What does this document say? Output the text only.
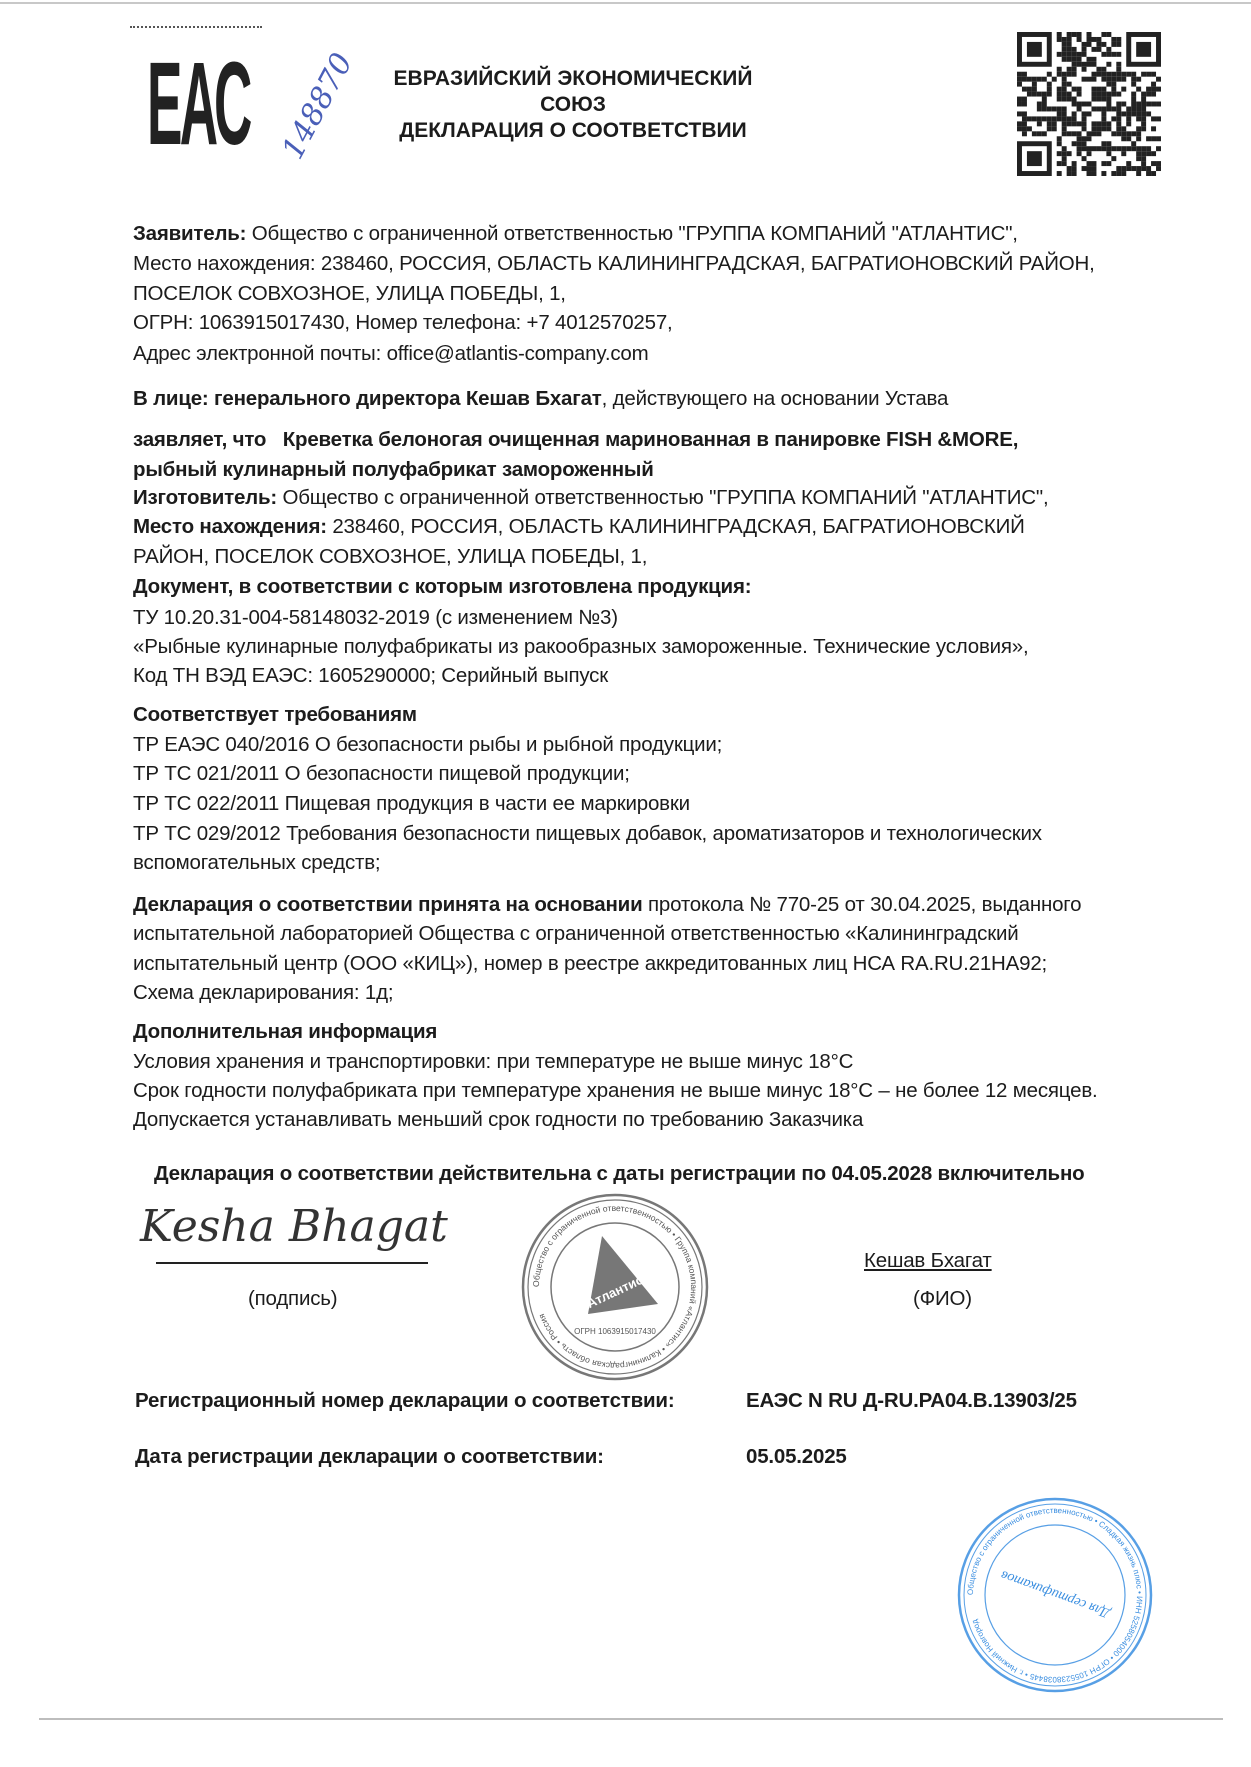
ЕАС 148870	ЕВРАЗИЙСКИЙ ЭКОНОМИЧЕСКИЙ
СОЮЗ
ДЕКЛАРАЦИЯ О СООТВЕТСТВИИ
Заявитель: Общество с ограниченной ответственностью "ГРУППА КОМПАНИЙ "АТЛАНТИС",
Место нахождения: 238460, РОССИЯ, ОБЛАСТЬ КАЛИНИНГРАДСКАЯ, БАГРАТИОНОВСКИЙ РАЙОН,
ПОСЕЛОК СОВХОЗНОЕ, УЛИЦА ПОБЕДЫ, 1,
ОГРН: 1063915017430, Номер телефона: +7 4012570257,
Адрес электронной почты: office@atlantis-company.com
В лице: генерального директора Кешав Бхагат, действующего на основании Устава
заявляет, что Креветка белоногая очищенная маринованная в панировке FISH &MORE,
рыбный кулинарный полуфабрикат замороженный
Изготовитель: Общество с ограниченной ответственностью "ГРУППА КОМПАНИЙ "АТЛАНТИС",
Место нахождения: 238460, РОССИЯ, ОБЛАСТЬ КАЛИНИНГРАДСКАЯ, БАГРАТИОНОВСКИЙ
РАЙОН, ПОСЕЛОК СОВХОЗНОЕ, УЛИЦА ПОБЕДЫ, 1,
Документ, в соответствии с которым изготовлена продукция:
ТУ 10.20.31-004-58148032-2019 (с изменением №3)
«Рыбные кулинарные полуфабрикаты из ракообразных замороженные. Технические условия»,
Код ТН ВЭД ЕАЭС: 1605290000; Серийный выпуск
Соответствует требованиям
ТР ЕАЭС 040/2016 О безопасности рыбы и рыбной продукции;
ТР ТС 021/2011 О безопасности пищевой продукции;
ТР ТС 022/2011 Пищевая продукция в части ее маркировки
ТР ТС 029/2012 Требования безопасности пищевых добавок, ароматизаторов и технологических
вспомогательных средств;
Декларация о соответствии принята на основании протокола № 770-25 от 30.04.2025, выданного
испытательной лабораторией Общества с ограниченной ответственностью «Калининградский
испытательный центр (ООО «КИЦ»), номер в реестре аккредитованных лиц НСА RA.RU.21НА92;
Схема декларирования: 1д;
Дополнительная информация
Условия хранения и транспортировки: при температуре не выше минус 18°С
Срок годности полуфабриката при температуре хранения не выше минус 18°С – не более 12 месяцев.
Допускается устанавливать меньший срок годности по требованию Заказчика
Декларация о соответствии действительна с даты регистрации по 04.05.2028 включительно
Kesha Bhagat
(подпись)
Кешав Бхагат
(ФИО)
Общество с ограниченной ответственностью • Группа компаний «Атлантис» • Калининградская область • Россия
Атлантис
ОГРН 1063915017430
Регистрационный номер декларации о соответствии:	ЕАЭС N RU Д-RU.РА04.В.13903/25
Дата регистрации декларации о соответствии:	05.05.2025
Общество с ограниченной ответственностью • Сладкая жизнь плюс • ИНН 5258054000 • ОГРН 1055238038445 • г. Нижний Новгород
Для сертификатов
